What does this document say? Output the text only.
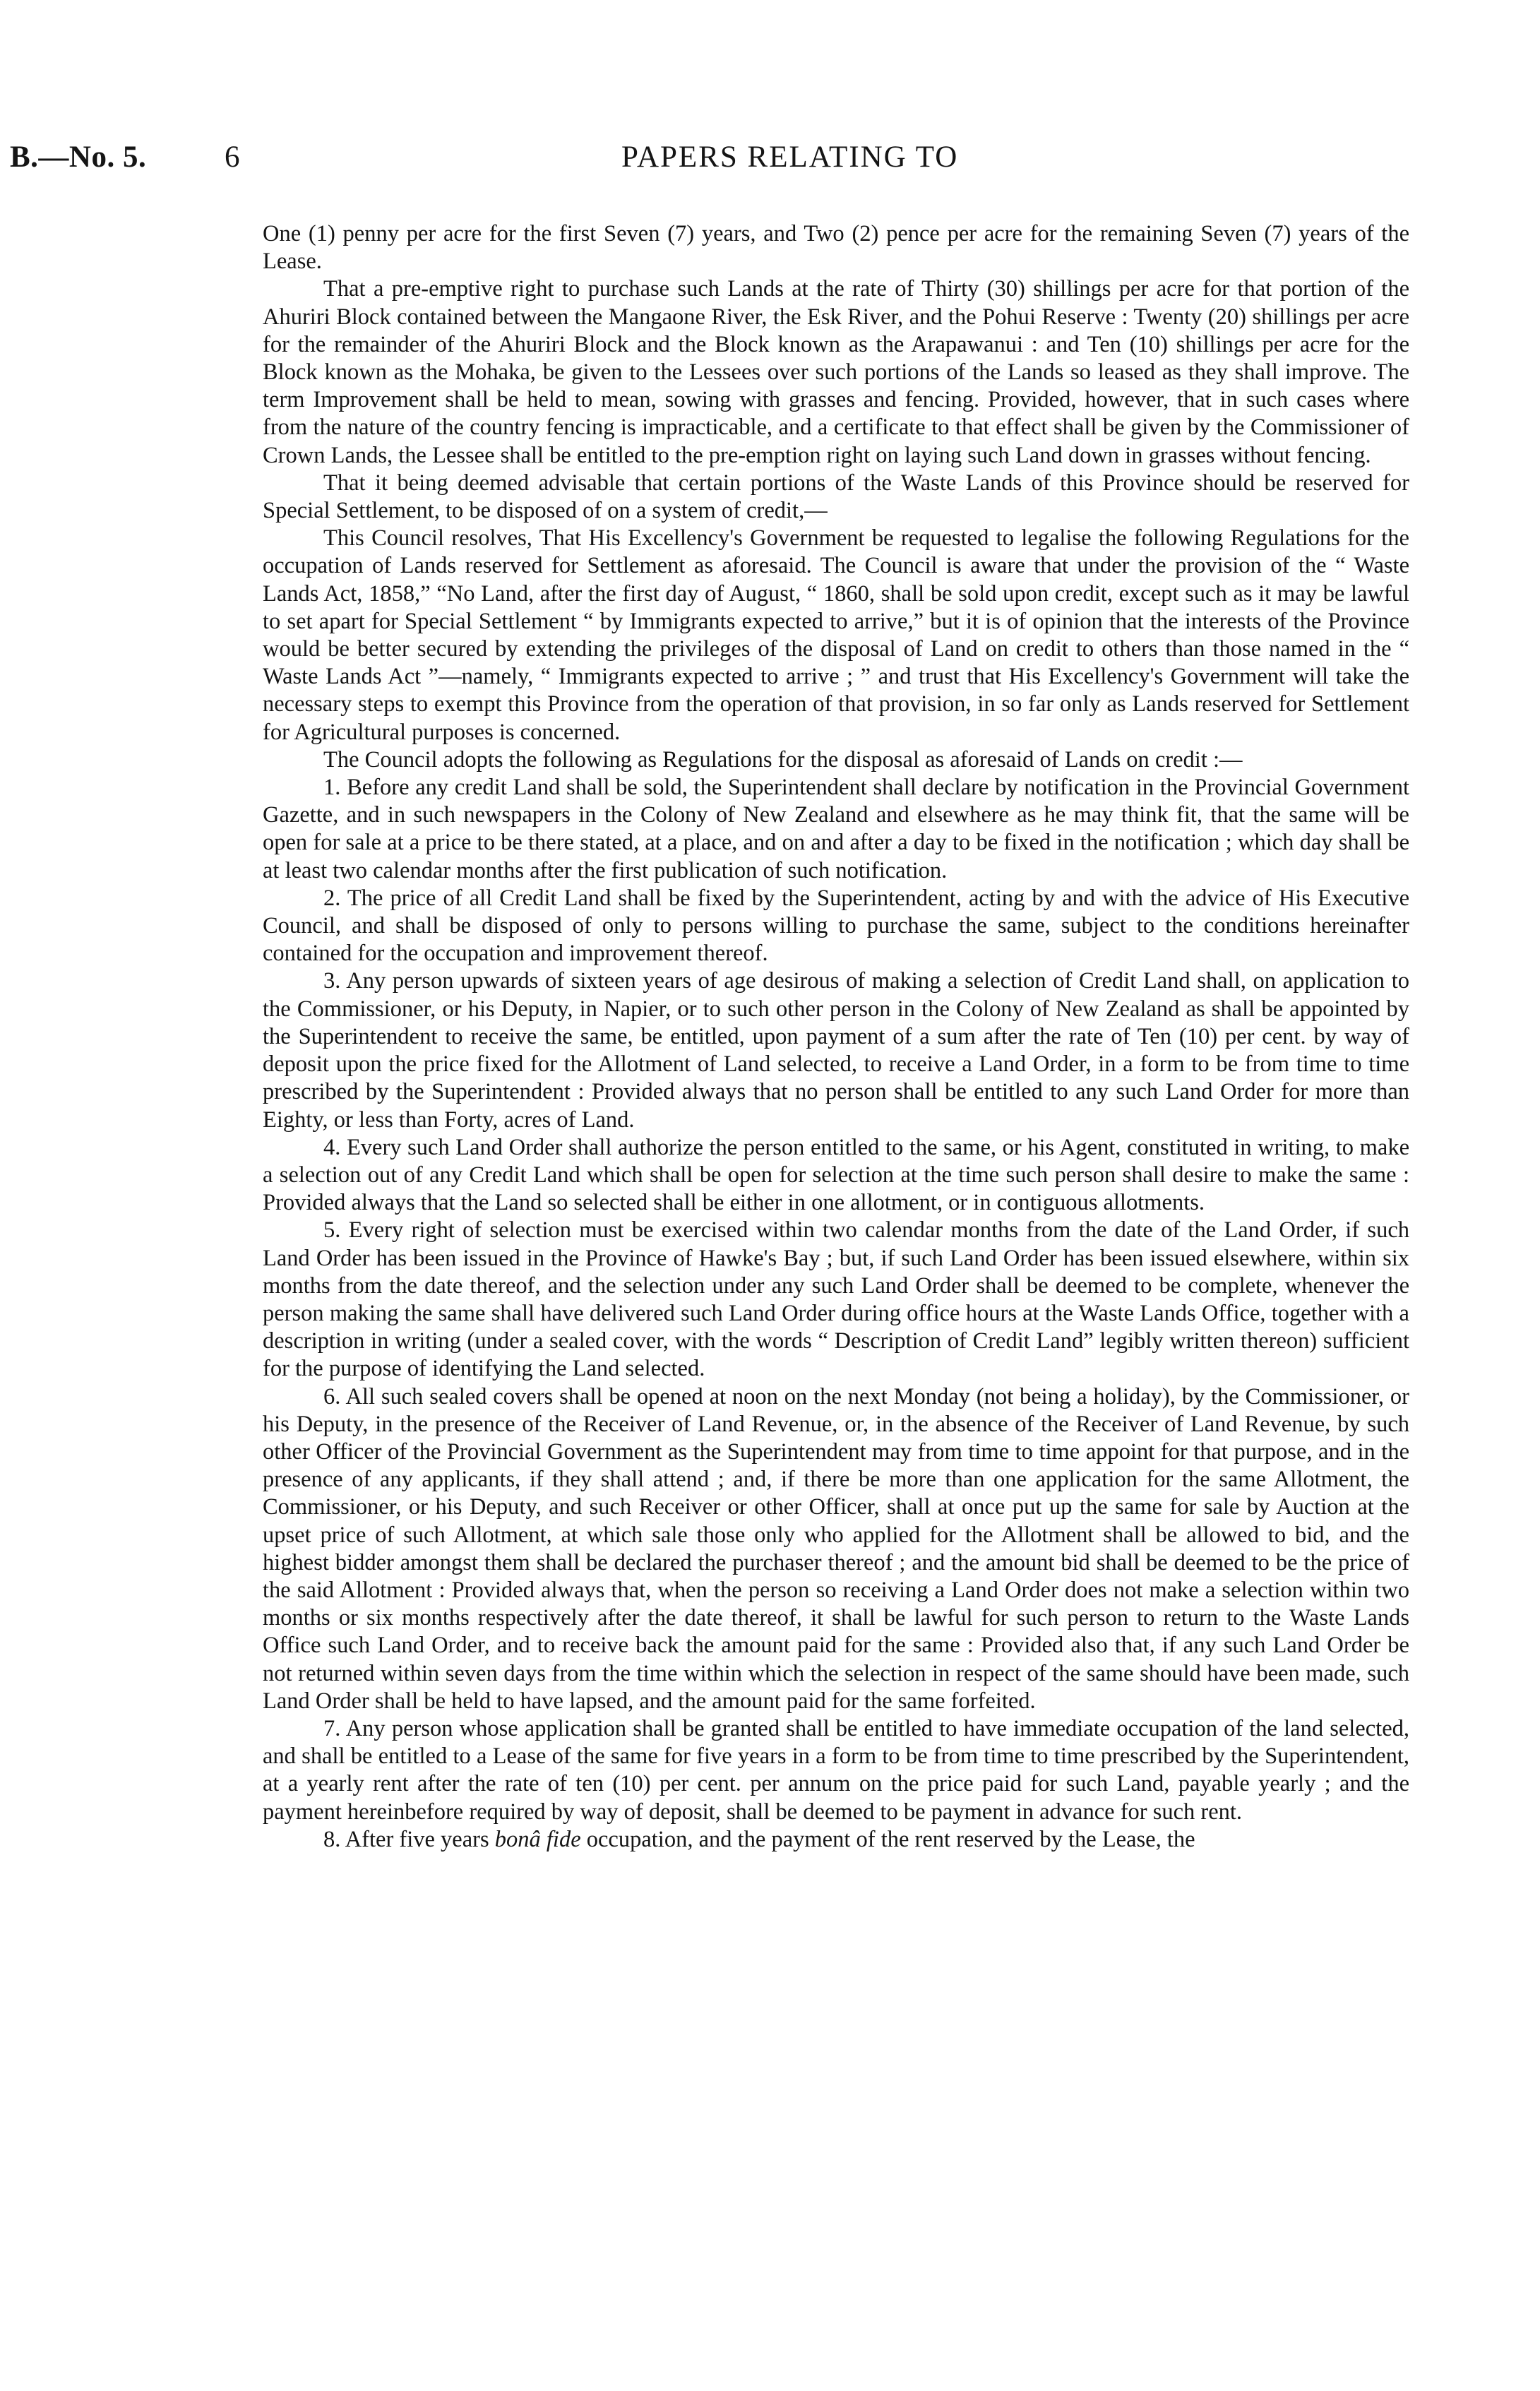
B.—No. 5.	6	PAPERS RELATING TO

One (1) penny per acre for the first Seven (7) years, and Two (2) pence per acre for the remaining Seven (7) years of the Lease.

That a pre-emptive right to purchase such Lands at the rate of Thirty (30) shillings per acre for that portion of the Ahuriri Block contained between the Mangaone River, the Esk River, and the Pohui Reserve : Twenty (20) shillings per acre for the remainder of the Ahuriri Block and the Block known as the Arapawanui : and Ten (10) shillings per acre for the Block known as the Mohaka, be given to the Lessees over such portions of the Lands so leased as they shall improve. The term Improvement shall be held to mean, sowing with grasses and fencing. Provided, however, that in such cases where from the nature of the country fencing is impracticable, and a certificate to that effect shall be given by the Commissioner of Crown Lands, the Lessee shall be entitled to the pre-emption right on laying such Land down in grasses without fencing.

That it being deemed advisable that certain portions of the Waste Lands of this Province should be reserved for Special Settlement, to be disposed of on a system of credit,—

This Council resolves, That His Excellency's Government be requested to legalise the following Regulations for the occupation of Lands reserved for Settlement as aforesaid. The Council is aware that under the provision of the “ Waste Lands Act, 1858,” “No Land, after the first day of August, “ 1860, shall be sold upon credit, except such as it may be lawful to set apart for Special Settlement “ by Immigrants expected to arrive,” but it is of opinion that the interests of the Province would be better secured by extending the privileges of the disposal of Land on credit to others than those named in the “ Waste Lands Act ”—namely, “ Immigrants expected to arrive ; ” and trust that His Excellency's Government will take the necessary steps to exempt this Province from the operation of that provision, in so far only as Lands reserved for Settlement for Agricultural purposes is concerned.

The Council adopts the following as Regulations for the disposal as aforesaid of Lands on credit :—

1. Before any credit Land shall be sold, the Superintendent shall declare by notification in the Provincial Government Gazette, and in such newspapers in the Colony of New Zealand and elsewhere as he may think fit, that the same will be open for sale at a price to be there stated, at a place, and on and after a day to be fixed in the notification ; which day shall be at least two calendar months after the first publication of such notification.

2. The price of all Credit Land shall be fixed by the Superintendent, acting by and with the advice of His Executive Council, and shall be disposed of only to persons willing to purchase the same, subject to the conditions hereinafter contained for the occupation and improvement thereof.

3. Any person upwards of sixteen years of age desirous of making a selection of Credit Land shall, on application to the Commissioner, or his Deputy, in Napier, or to such other person in the Colony of New Zealand as shall be appointed by the Superintendent to receive the same, be entitled, upon payment of a sum after the rate of Ten (10) per cent. by way of deposit upon the price fixed for the Allotment of Land selected, to receive a Land Order, in a form to be from time to time prescribed by the Superintendent : Provided always that no person shall be entitled to any such Land Order for more than Eighty, or less than Forty, acres of Land.

4. Every such Land Order shall authorize the person entitled to the same, or his Agent, constituted in writing, to make a selection out of any Credit Land which shall be open for selection at the time such person shall desire to make the same : Provided always that the Land so selected shall be either in one allotment, or in contiguous allotments.

5. Every right of selection must be exercised within two calendar months from the date of the Land Order, if such Land Order has been issued in the Province of Hawke's Bay ; but, if such Land Order has been issued elsewhere, within six months from the date thereof, and the selection under any such Land Order shall be deemed to be complete, whenever the person making the same shall have delivered such Land Order during office hours at the Waste Lands Office, together with a description in writing (under a sealed cover, with the words “ Description of Credit Land” legibly written thereon) sufficient for the purpose of identifying the Land selected.

6. All such sealed covers shall be opened at noon on the next Monday (not being a holiday), by the Commissioner, or his Deputy, in the presence of the Receiver of Land Revenue, or, in the absence of the Receiver of Land Revenue, by such other Officer of the Provincial Government as the Superintendent may from time to time appoint for that purpose, and in the presence of any applicants, if they shall attend ; and, if there be more than one application for the same Allotment, the Commissioner, or his Deputy, and such Receiver or other Officer, shall at once put up the same for sale by Auction at the upset price of such Allotment, at which sale those only who applied for the Allotment shall be allowed to bid, and the highest bidder amongst them shall be declared the purchaser thereof ; and the amount bid shall be deemed to be the price of the said Allotment : Provided always that, when the person so receiving a Land Order does not make a selection within two months or six months respectively after the date thereof, it shall be lawful for such person to return to the Waste Lands Office such Land Order, and to receive back the amount paid for the same : Provided also that, if any such Land Order be not returned within seven days from the time within which the selection in respect of the same should have been made, such Land Order shall be held to have lapsed, and the amount paid for the same forfeited.

7. Any person whose application shall be granted shall be entitled to have immediate occupation of the land selected, and shall be entitled to a Lease of the same for five years in a form to be from time to time prescribed by the Superintendent, at a yearly rent after the rate of ten (10) per cent. per annum on the price paid for such Land, payable yearly ; and the payment hereinbefore required by way of deposit, shall be deemed to be payment in advance for such rent.

8. After five years bonâ fide occupation, and the payment of the rent reserved by the Lease, the
